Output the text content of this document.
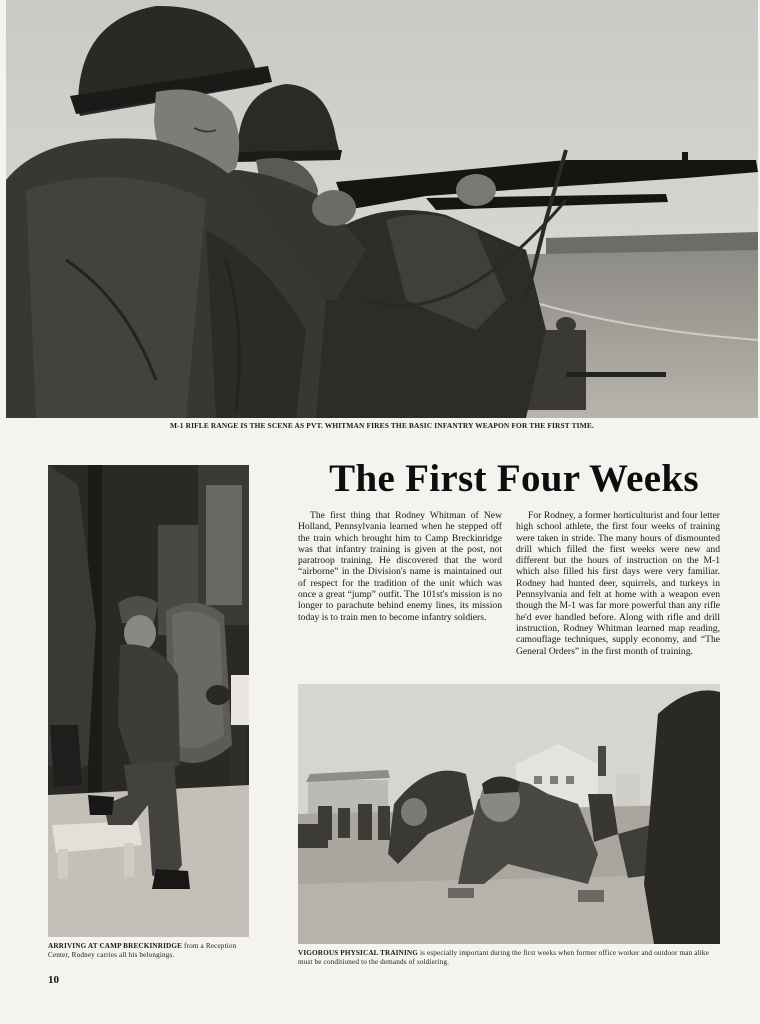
M-1 RIFLE RANGE IS THE SCENE AS PVT. WHITMAN FIRES THE BASIC INFANTRY WEAPON FOR THE FIRST TIME.
ARRIVING AT CAMP BRECKINRIDGE from a Reception Center, Rodney carries all his belongings.
The First Four Weeks

The first thing that Rodney Whitman of New Holland, Pennsylvania learned when he stepped off the train which brought him to Camp Breckinridge was that infantry training is given at the post, not paratroop training. He discovered that the word “airborne” in the Division's name is maintained out of respect for the tradition of the unit which was once a great “jump” outfit. The 101st's mission is no longer to parachute behind enemy lines, its mission today is to train men to become infantry soldiers.

For Rodney, a former horticulturist and four letter high school athlete, the first four weeks of training were taken in stride. The many hours of dismounted drill which filled the first weeks were new and different but the hours of instruction on the M-1 which also filled his first days were very familiar. Rodney had hunted deer, squirrels, and turkeys in Pennsylvania and felt at home with a weapon even though the M-1 was far more powerful than any rifle he'd ever handled before. Along with rifle and drill instruction, Rodney Whitman learned map reading, camouflage techniques, supply economy, and “The General Orders” in the first month of training.

VIGOROUS PHYSICAL TRAINING is especially important during the first weeks when former office worker and outdoor man alike must be conditioned to the demands of soldiering.
10
